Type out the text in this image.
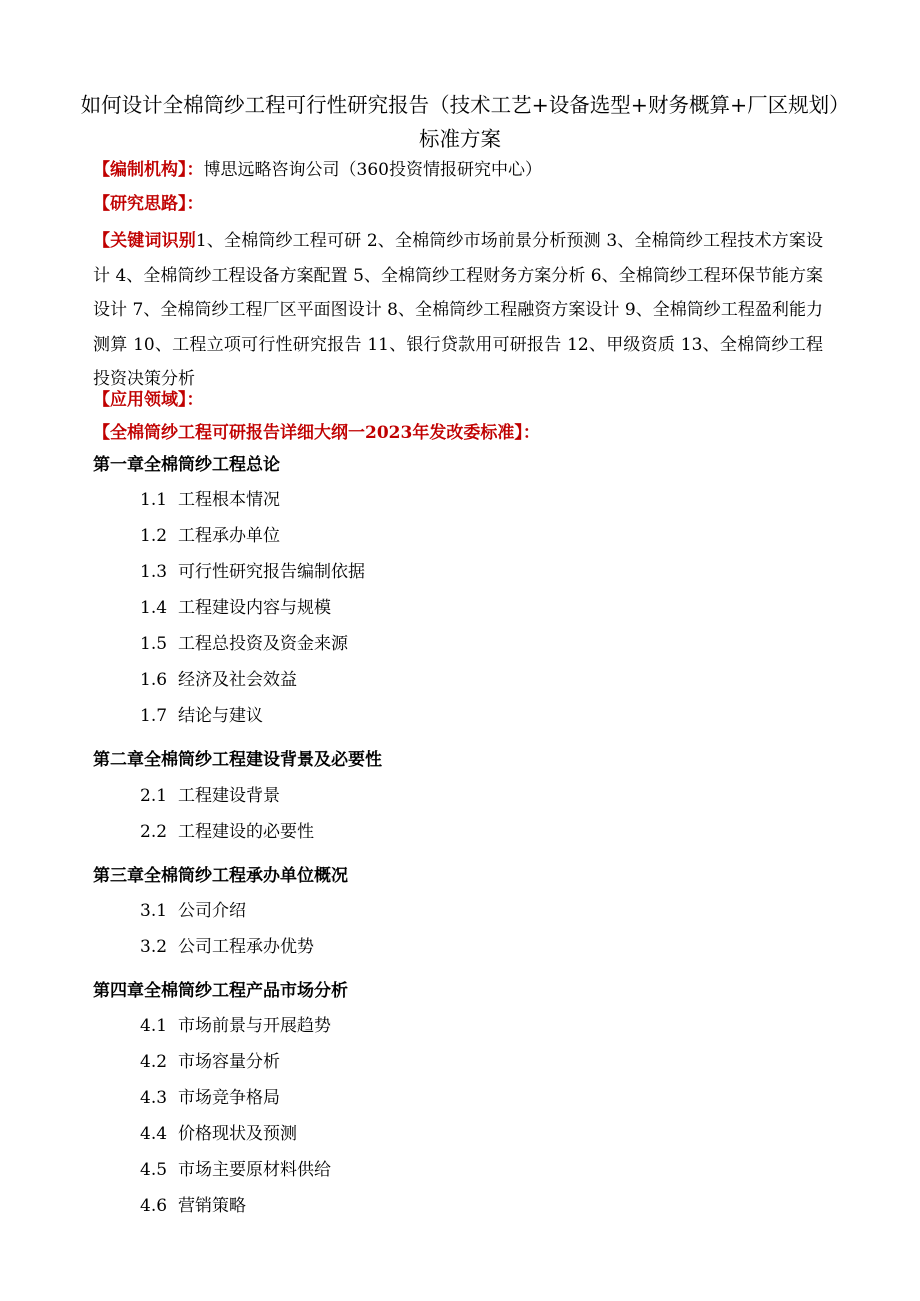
如何设计全棉筒纱工程可行性研究报告（技术工艺+设备选型+财务概算+厂区规划）标准方案
【编制机构】：博思远略咨询公司（360投资情报研究中心）
【研究思路】：
【关键词识别1、全棉筒纱工程可研 2、全棉筒纱市场前景分析预测 3、全棉筒纱工程技术方案设计 4、全棉筒纱工程设备方案配置 5、全棉筒纱工程财务方案分析 6、全棉筒纱工程环保节能方案设计 7、全棉筒纱工程厂区平面图设计 8、全棉筒纱工程融资方案设计 9、全棉筒纱工程盈利能力测算 10、工程立项可行性研究报告 11、银行贷款用可研报告 12、甲级资质 13、全棉筒纱工程投资决策分析
【应用领域】：
【全棉筒纱工程可研报告详细大纲一2023年发改委标准】：
第一章全棉筒纱工程总论
1.1 工程根本情况
1.2 工程承办单位
1.3 可行性研究报告编制依据
1.4 工程建设内容与规模
1.5 工程总投资及资金来源
1.6 经济及社会效益
1.7 结论与建议
第二章全棉筒纱工程建设背景及必要性
2.1 工程建设背景
2.2 工程建设的必要性
第三章全棉筒纱工程承办单位概况
3.1 公司介绍
3.2 公司工程承办优势
第四章全棉筒纱工程产品市场分析
4.1 市场前景与开展趋势
4.2 市场容量分析
4.3 市场竞争格局
4.4 价格现状及预测
4.5 市场主要原材料供给
4.6 营销策略
